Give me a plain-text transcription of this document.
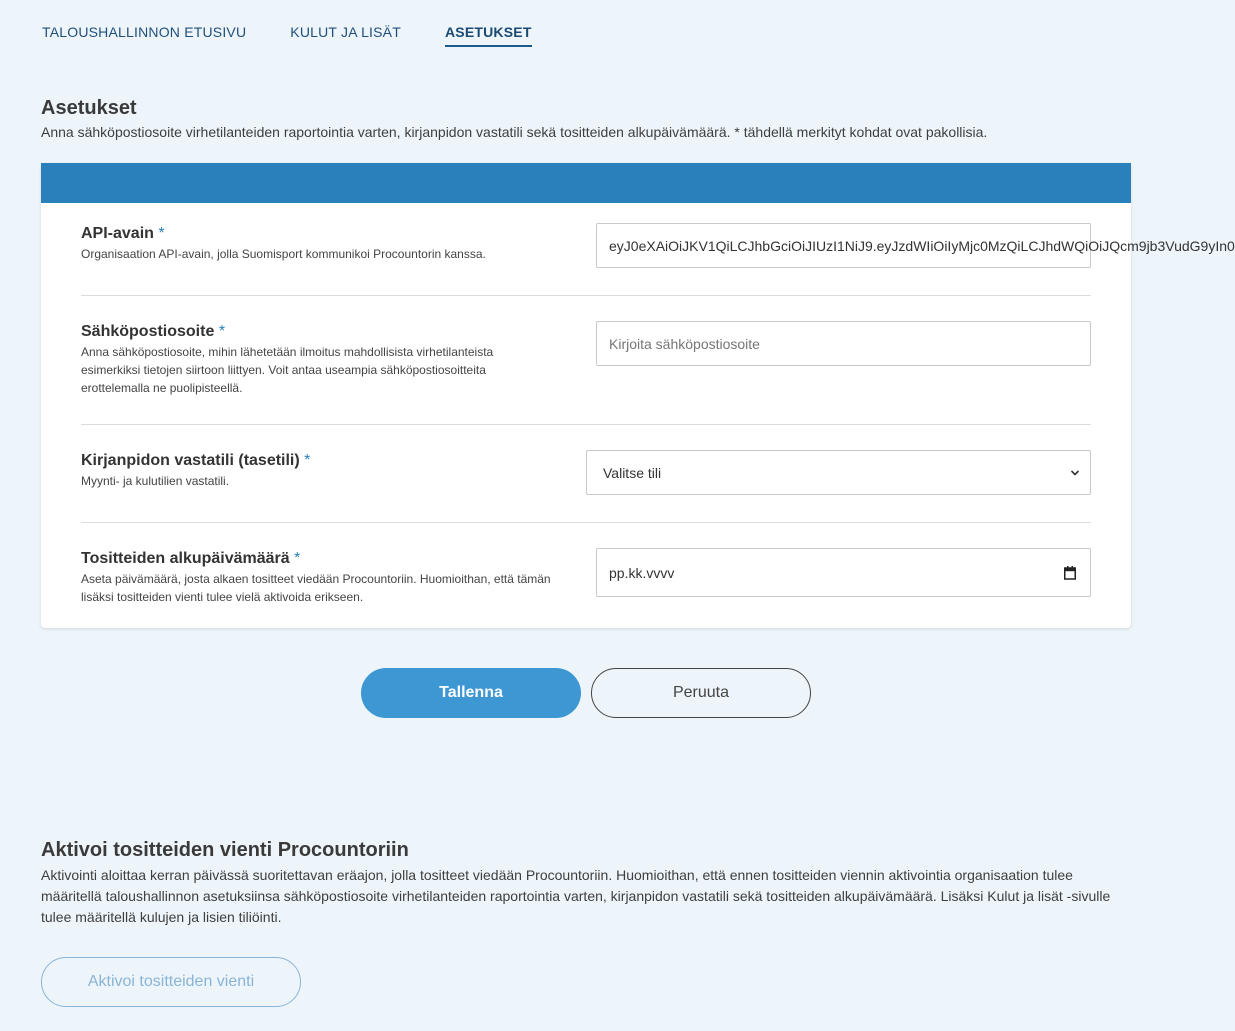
TALOUSHALLINNON ETUSIVU	KULUT JA LISÄT	ASETUKSET
Asetukset

Anna sähköpostiosoite virhetilanteiden raportointia varten, kirjanpidon vastatili sekä tositteiden alkupäivämäärä. * tähdellä merkityt kohdat ovat pakollisia.

API-avain *

Organisaation API-avain, jolla Suomisport kommunikoi Procountorin kanssa.

eyJ0eXAiOiJKV1QiLCJhbGciOiJIUzI1NiJ9.eyJzdWIiOiIyMjc0MzQiLCJhdWQiOiJQcm9jb3VudG9yIn0

Sähköpostiosoite *

Anna sähköpostiosoite, mihin lähetetään ilmoitus mahdollisista virhetilanteista esimerkiksi tietojen siirtoon liittyen. Voit antaa useampia sähköpostiosoitteita erottelemalla ne puolipisteellä.

Kirjoita sähköpostiosoite

Kirjanpidon vastatili (tasetili) *

Myynti- ja kulutilien vastatili.

Valitse tili

Tositteiden alkupäivämäärä *

Aseta päivämäärä, josta alkaen tositteet viedään Procountoriin. Huomioithan, että tämän lisäksi tositteiden vienti tulee vielä aktivoida erikseen.

pp.kk.vvvv
Tallenna	Peruuta
Aktivoi tositteiden vienti Procountoriin

Aktivointi aloittaa kerran päivässä suoritettavan eräajon, jolla tositteet viedään Procountoriin. Huomioithan, että ennen tositteiden viennin aktivointia organisaation tulee määritellä taloushallinnon asetuksiinsa sähköpostiosoite virhetilanteiden raportointia varten, kirjanpidon vastatili sekä tositteiden alkupäivämäärä. Lisäksi Kulut ja lisät -sivulle tulee määritellä kulujen ja lisien tiliöinti.

Aktivoi tositteiden vienti
